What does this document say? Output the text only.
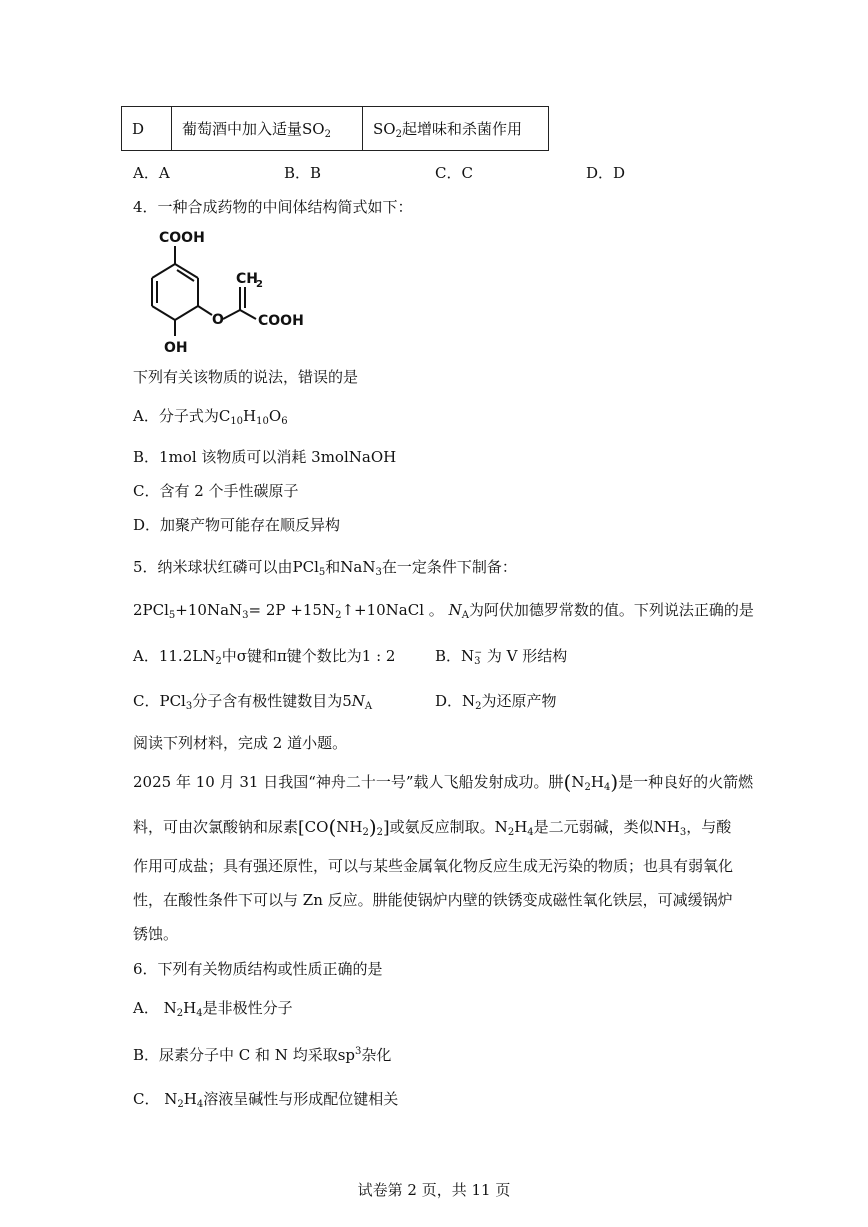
D	葡萄酒中加入适量$SO_2$	$SO_2$起增味和杀菌作用
A．A	B．B	C．C	D．D
4．一种合成药物的中间体结构简式如下：
COOH
CH
2
O COOH
OH
下列有关该物质的说法，错误的是
A．分子式为$C_{10}H_{10}O_6$
B．1mol 该物质可以消耗 3molNaOH
C．含有 2 个手性碳原子
D．加聚产物可能存在顺反异构
5．纳米球状红磷可以由PCl$_5$和NaN$_3$在一定条件下制备：
$2PCl_5+10NaN_3= 2P +15N_2↑+10NaCl$ 。 $N_A$为阿伏加德罗常数的值。下列说法正确的是
A．$11.2LN_2$中σ键和π键个数比为1 : 2	B．$N_3^-$ 为 V 形结构
C．PCl$_3$分子含有极性键数目为$5N_A$	D．$N_2$为还原产物
阅读下列材料，完成 2 道小题。
2025 年 10 月 31 日我国“神舟二十一号”载人飞船发射成功。肼$(N_2H_4)$是一种良好的火箭燃
料，可由次氯酸钠和尿素$[CO(NH_2)_2]$或氨反应制取。$N_2H_4$是二元弱碱，类似$NH_3$，与酸
作用可成盐；具有强还原性，可以与某些金属氧化物反应生成无污染的物质；也具有弱氧化
性，在酸性条件下可以与 Zn 反应。肼能使锅炉内壁的铁锈变成磁性氧化铁层，可减缓锅炉
锈蚀。
6．下列有关物质结构或性质正确的是
A． $N_2H_4$是非极性分子
B．尿素分子中 C 和 N 均采取$sp^3$杂化
C． $N_2H_4$溶液呈碱性与形成配位键相关
试卷第 2 页，共 11 页
